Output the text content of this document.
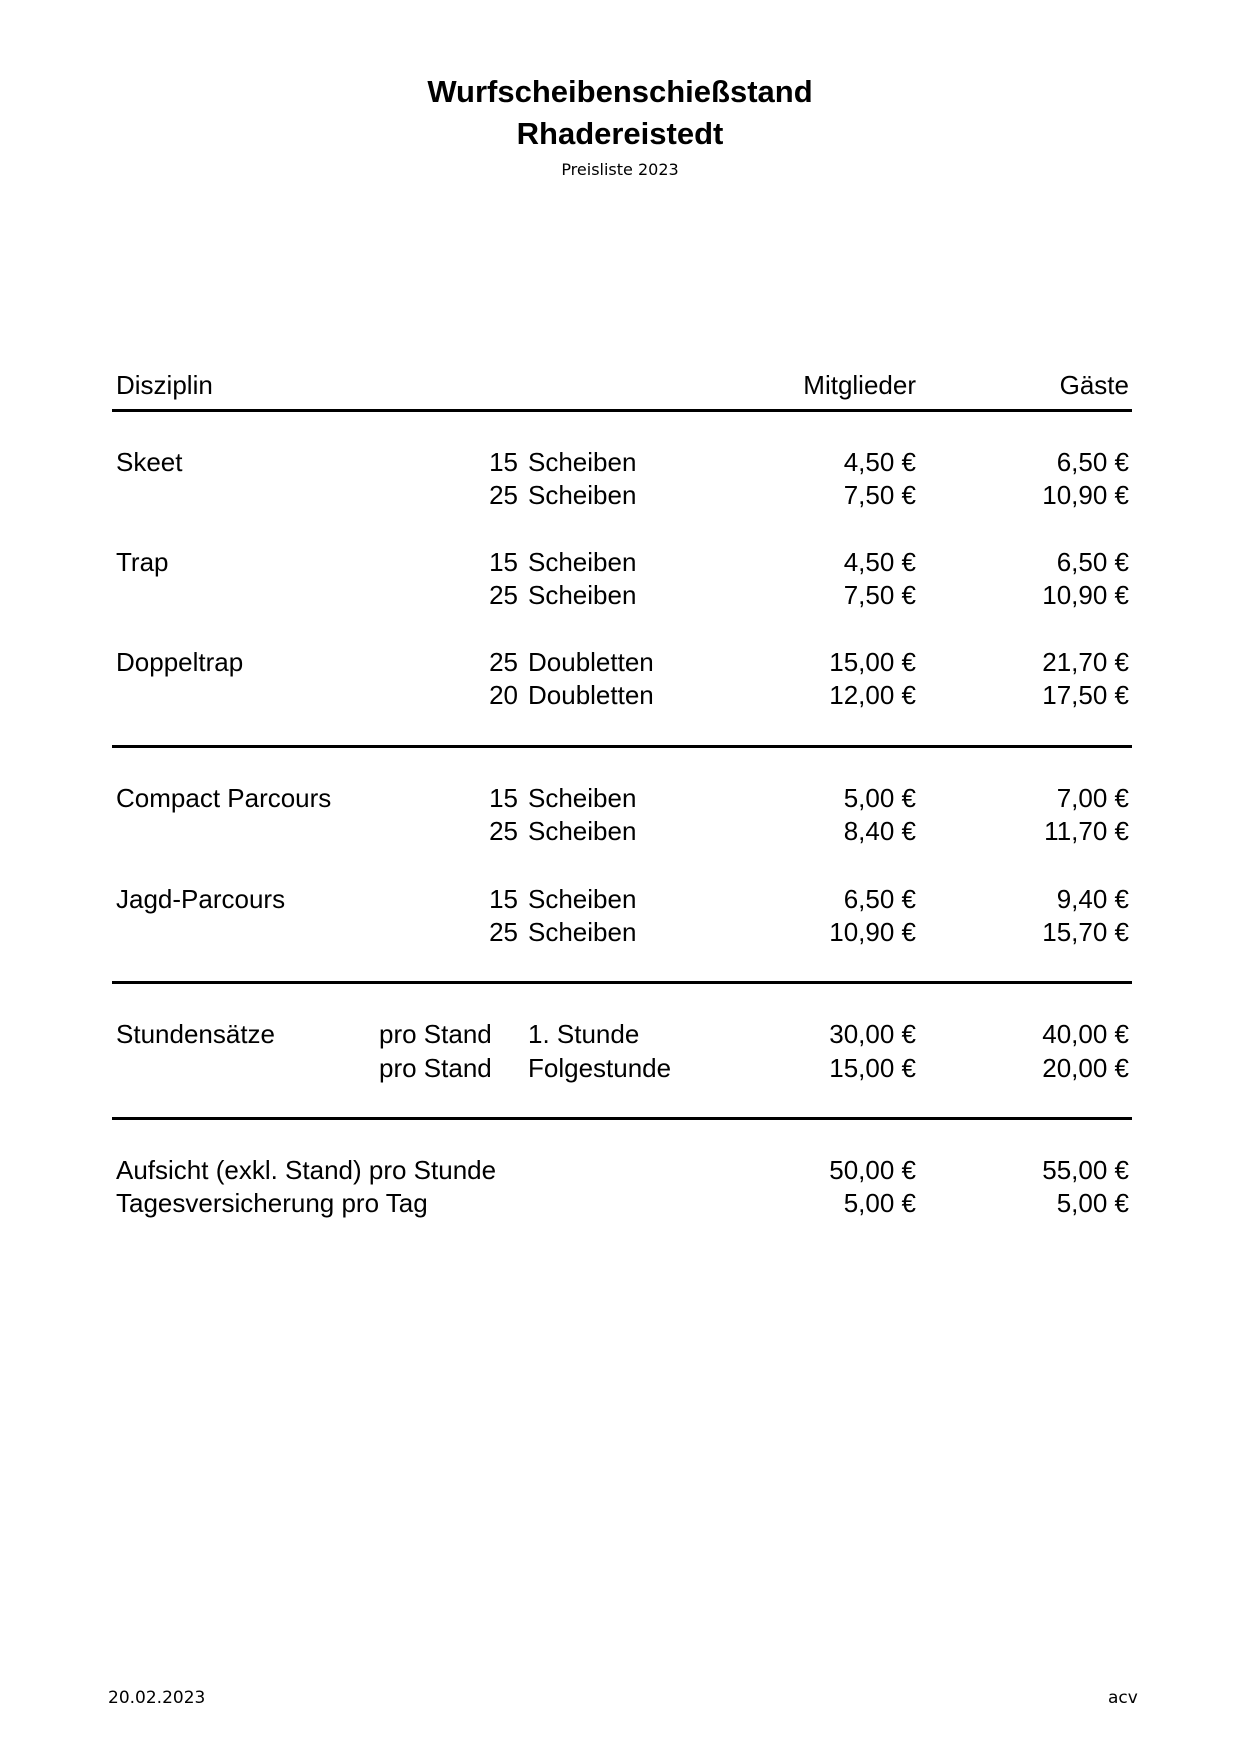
Wurfscheibenschießstand
Rhadereistedt
Preisliste 2023
Disziplin	Mitglieder	Gäste
Skeet	15 Scheiben	4,50 €	6,50 €
25 Scheiben	7,50 €	10,90 €
Trap	15 Scheiben	4,50 €	6,50 €
25 Scheiben	7,50 €	10,90 €
Doppeltrap	25 Doubletten	15,00 €	21,70 €
20 Doubletten	12,00 €	17,50 €
Compact Parcours	15 Scheiben	5,00 €	7,00 €
25 Scheiben	8,40 €	11,70 €
Jagd-Parcours	15 Scheiben	6,50 €	9,40 €
25 Scheiben	10,90 €	15,70 €
Stundensätze	pro Stand 1. Stunde	30,00 €	40,00 €
pro Stand Folgestunde	15,00 €	20,00 €
Aufsicht (exkl. Stand) pro Stunde	50,00 €	55,00 €
Tagesversicherung pro Tag	5,00 €	5,00 €
20.02.2023	acv
